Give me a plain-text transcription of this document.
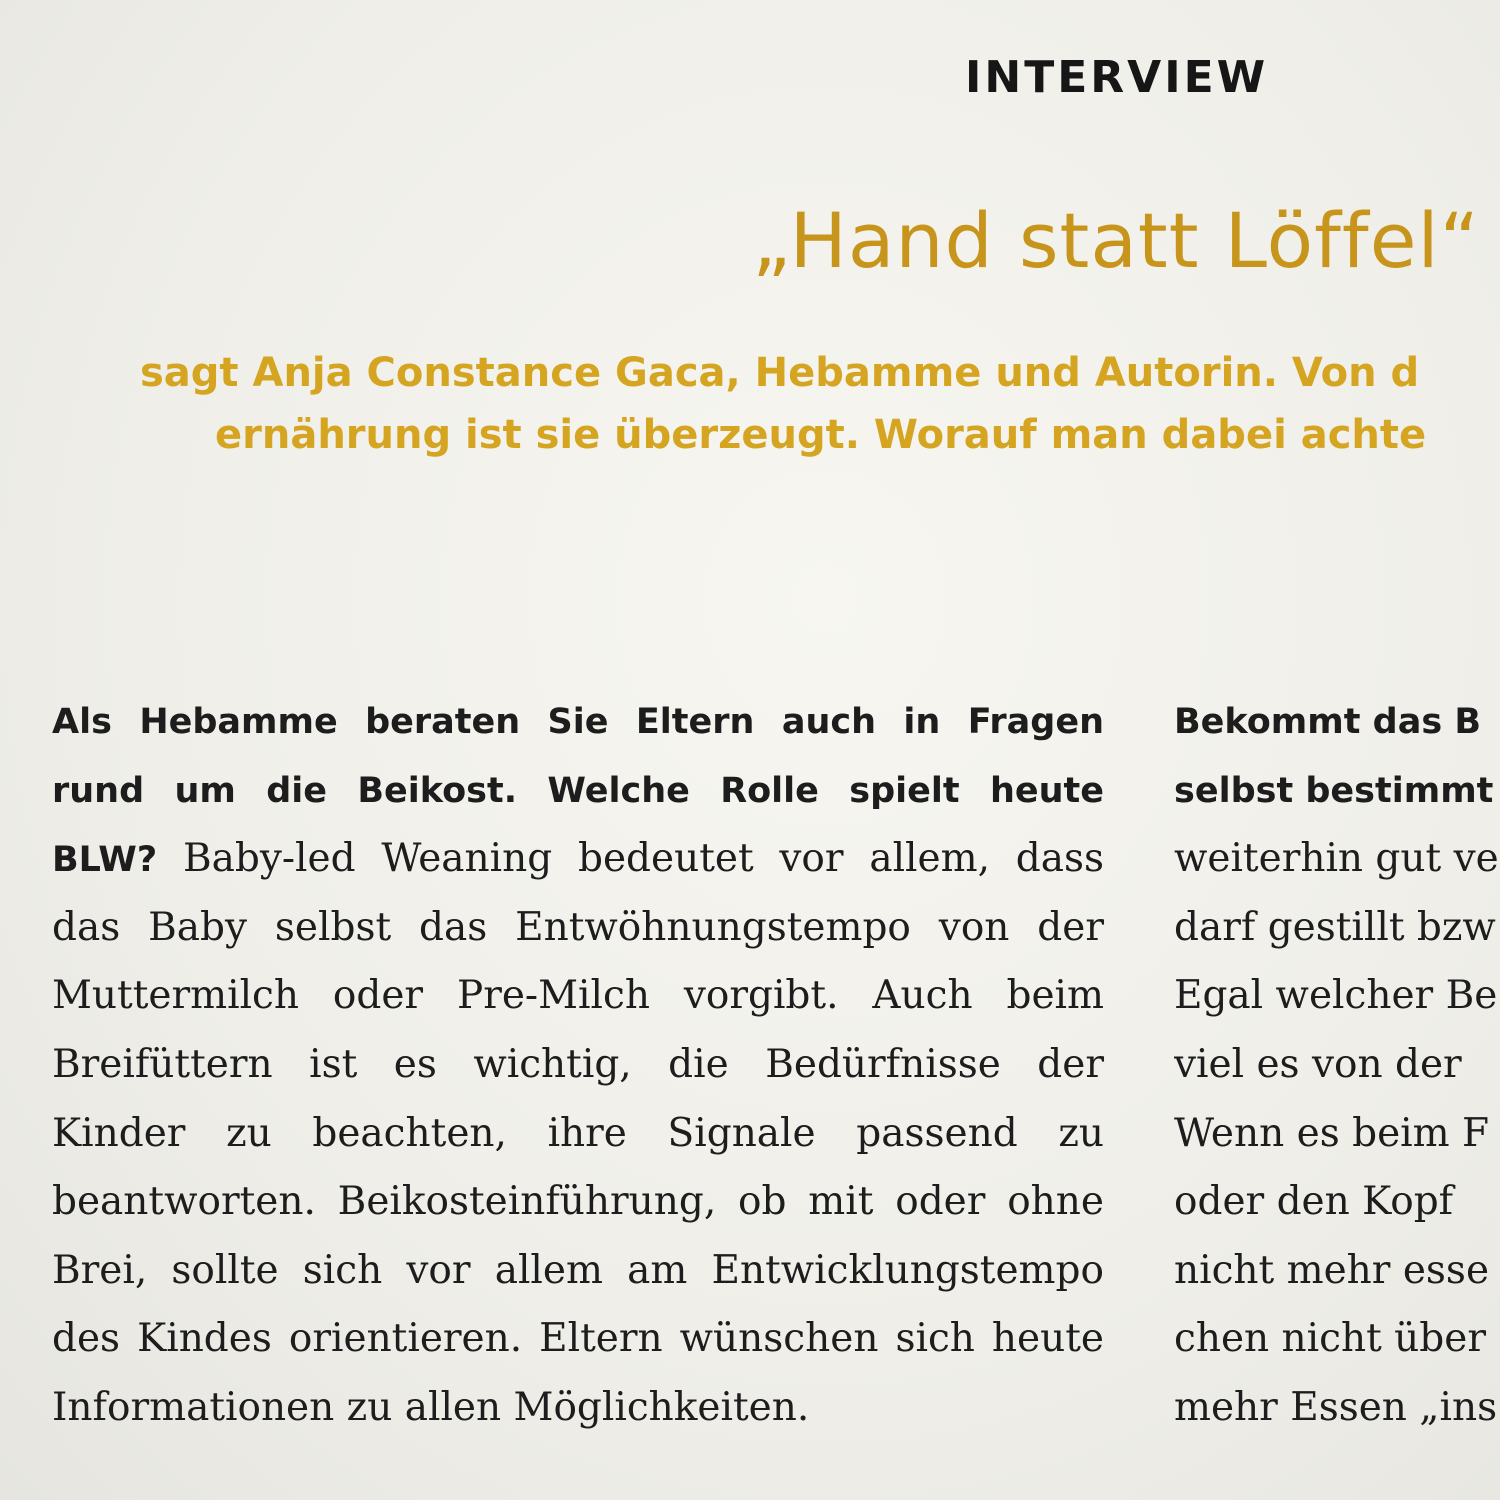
INTERVIEW
„Hand statt Löffel“
sagt Anja Constance Gaca, Hebamme und Autorin. Von d
ernährung ist sie überzeugt. Worauf man dabei achte
Als Hebamme beraten Sie Eltern auch in Fragen
rund um die Beikost. Welche Rolle spielt heute
BLW? Baby-led Weaning bedeutet vor allem, dass
das Baby selbst das Entwöhnungstempo von der
Muttermilch oder Pre-Milch vorgibt. Auch beim
Breifüttern ist es wichtig, die Bedürfnisse der
Kinder zu beachten, ihre Signale passend zu
beantworten. Beikosteinführung, ob mit oder ohne
Brei, sollte sich vor allem am Entwicklungstempo
des Kindes orientieren. Eltern wünschen sich heute
Informationen zu allen Möglichkeiten.
Bekommt das B
selbst bestimmt
weiterhin gut ve
darf gestillt bzw
Egal welcher Be
viel es von der
Wenn es beim F
oder den Kopf
nicht mehr esse
chen nicht über
mehr Essen „ins
